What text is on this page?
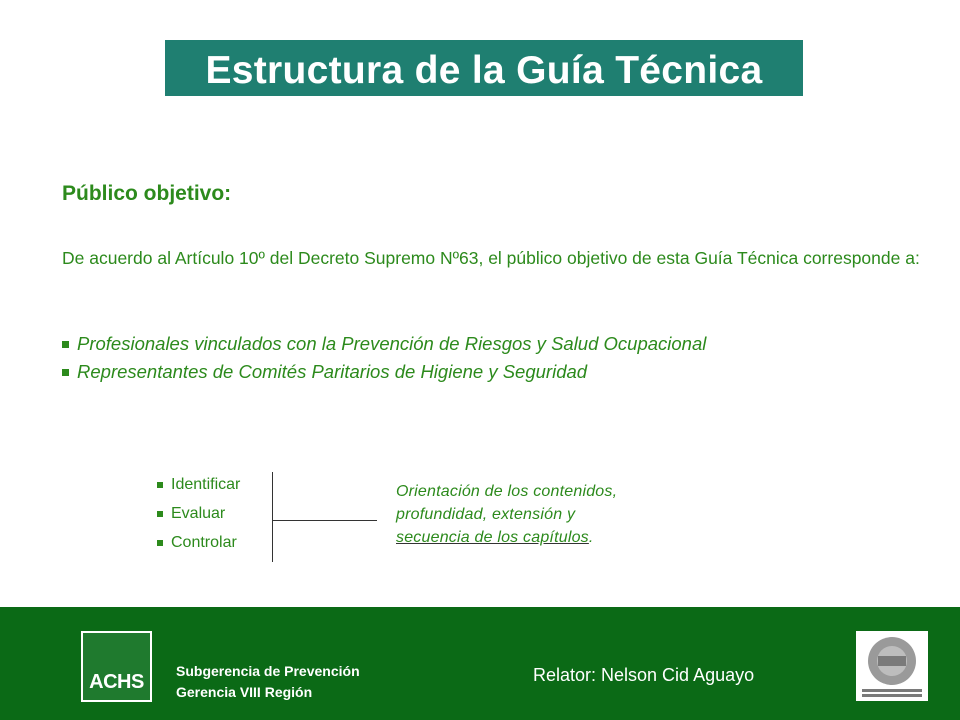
Estructura de la Guía Técnica
Público objetivo:
De acuerdo al Artículo 10º del Decreto Supremo Nº63, el público objetivo de esta Guía Técnica corresponde a:
Profesionales vinculados con la Prevención de Riesgos y Salud Ocupacional
Representantes de Comités Paritarios de Higiene y Seguridad
Identificar
Evaluar
Controlar
Orientación de los contenidos,
profundidad, extensión y
secuencia de los capítulos.
ACHS	Subgerencia de Prevención
Gerencia VIII Región
Relator: Nelson Cid Aguayo
